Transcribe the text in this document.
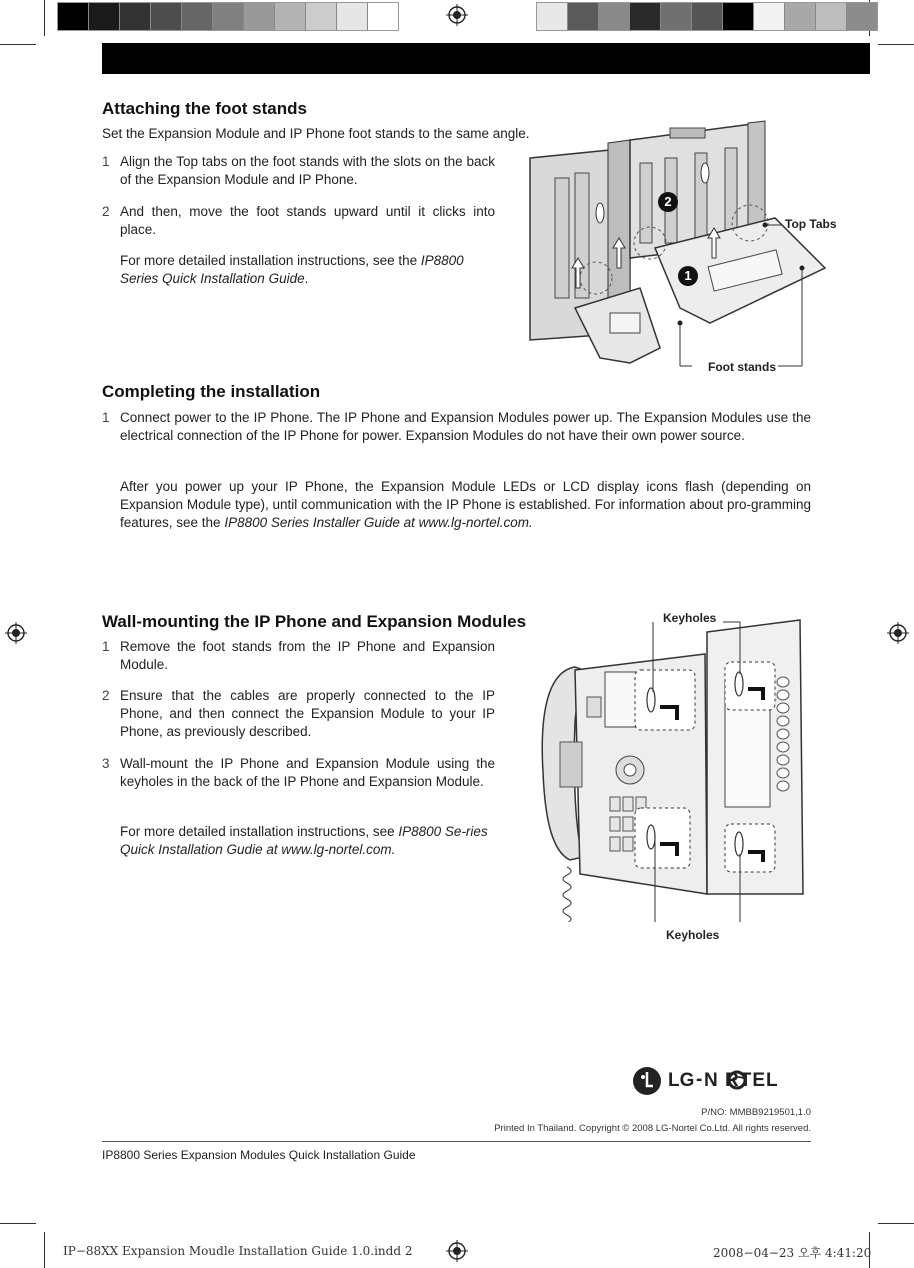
Attaching the foot stands

Set the Expansion Module and IP Phone foot stands to the same angle.

1 Align the Top tabs on the foot stands with the slots on the back of the Expansion Module and IP Phone.
2 And then, move the foot stands upward until it clicks into place.

For more detailed installation instructions, see the IP8800 Series Quick Installation Guide.

2
1
Top Tabs
Foot stands
Completing the installation
1 Connect power to the IP Phone. The IP Phone and Expansion Modules power up. The Expansion Modules use the electrical connection of the IP Phone for power. Expansion Modules do not have their own power source.

After you power up your IP Phone, the Expansion Module LEDs or LCD display icons flash (depending on Expansion Module type), until communication with the IP Phone is established. For information about pro-gramming features, see the IP8800 Series Installer Guide at www.lg-nortel.com.

Wall-mounting the IP Phone and Expansion Modules
1 Remove the foot stands from the IP Phone and Expansion Module.
2 Ensure that the cables are properly connected to the IP Phone, and then connect the Expansion Module to your IP Phone, as previously described.
3 Wall-mount the IP Phone and Expansion Module using the keyholes in the back of the IP Phone and Expansion Module.

For more detailed installation instructions, see IP8800 Se-ries Quick Installation Gudie at www.lg-nortel.com.

Keyholes
Keyholes
LG - N RTEL
P/NO: MMBB9219501,1.0
Printed In Thailand. Copyright © 2008 LG-Nortel Co.Ltd. All rights reserved.
IP8800 Series Expansion Modules Quick Installation Guide
IP−88XX Expansion Moudle Installation Guide 1.0.indd 2	2008−04−23 오후 4:41:20
